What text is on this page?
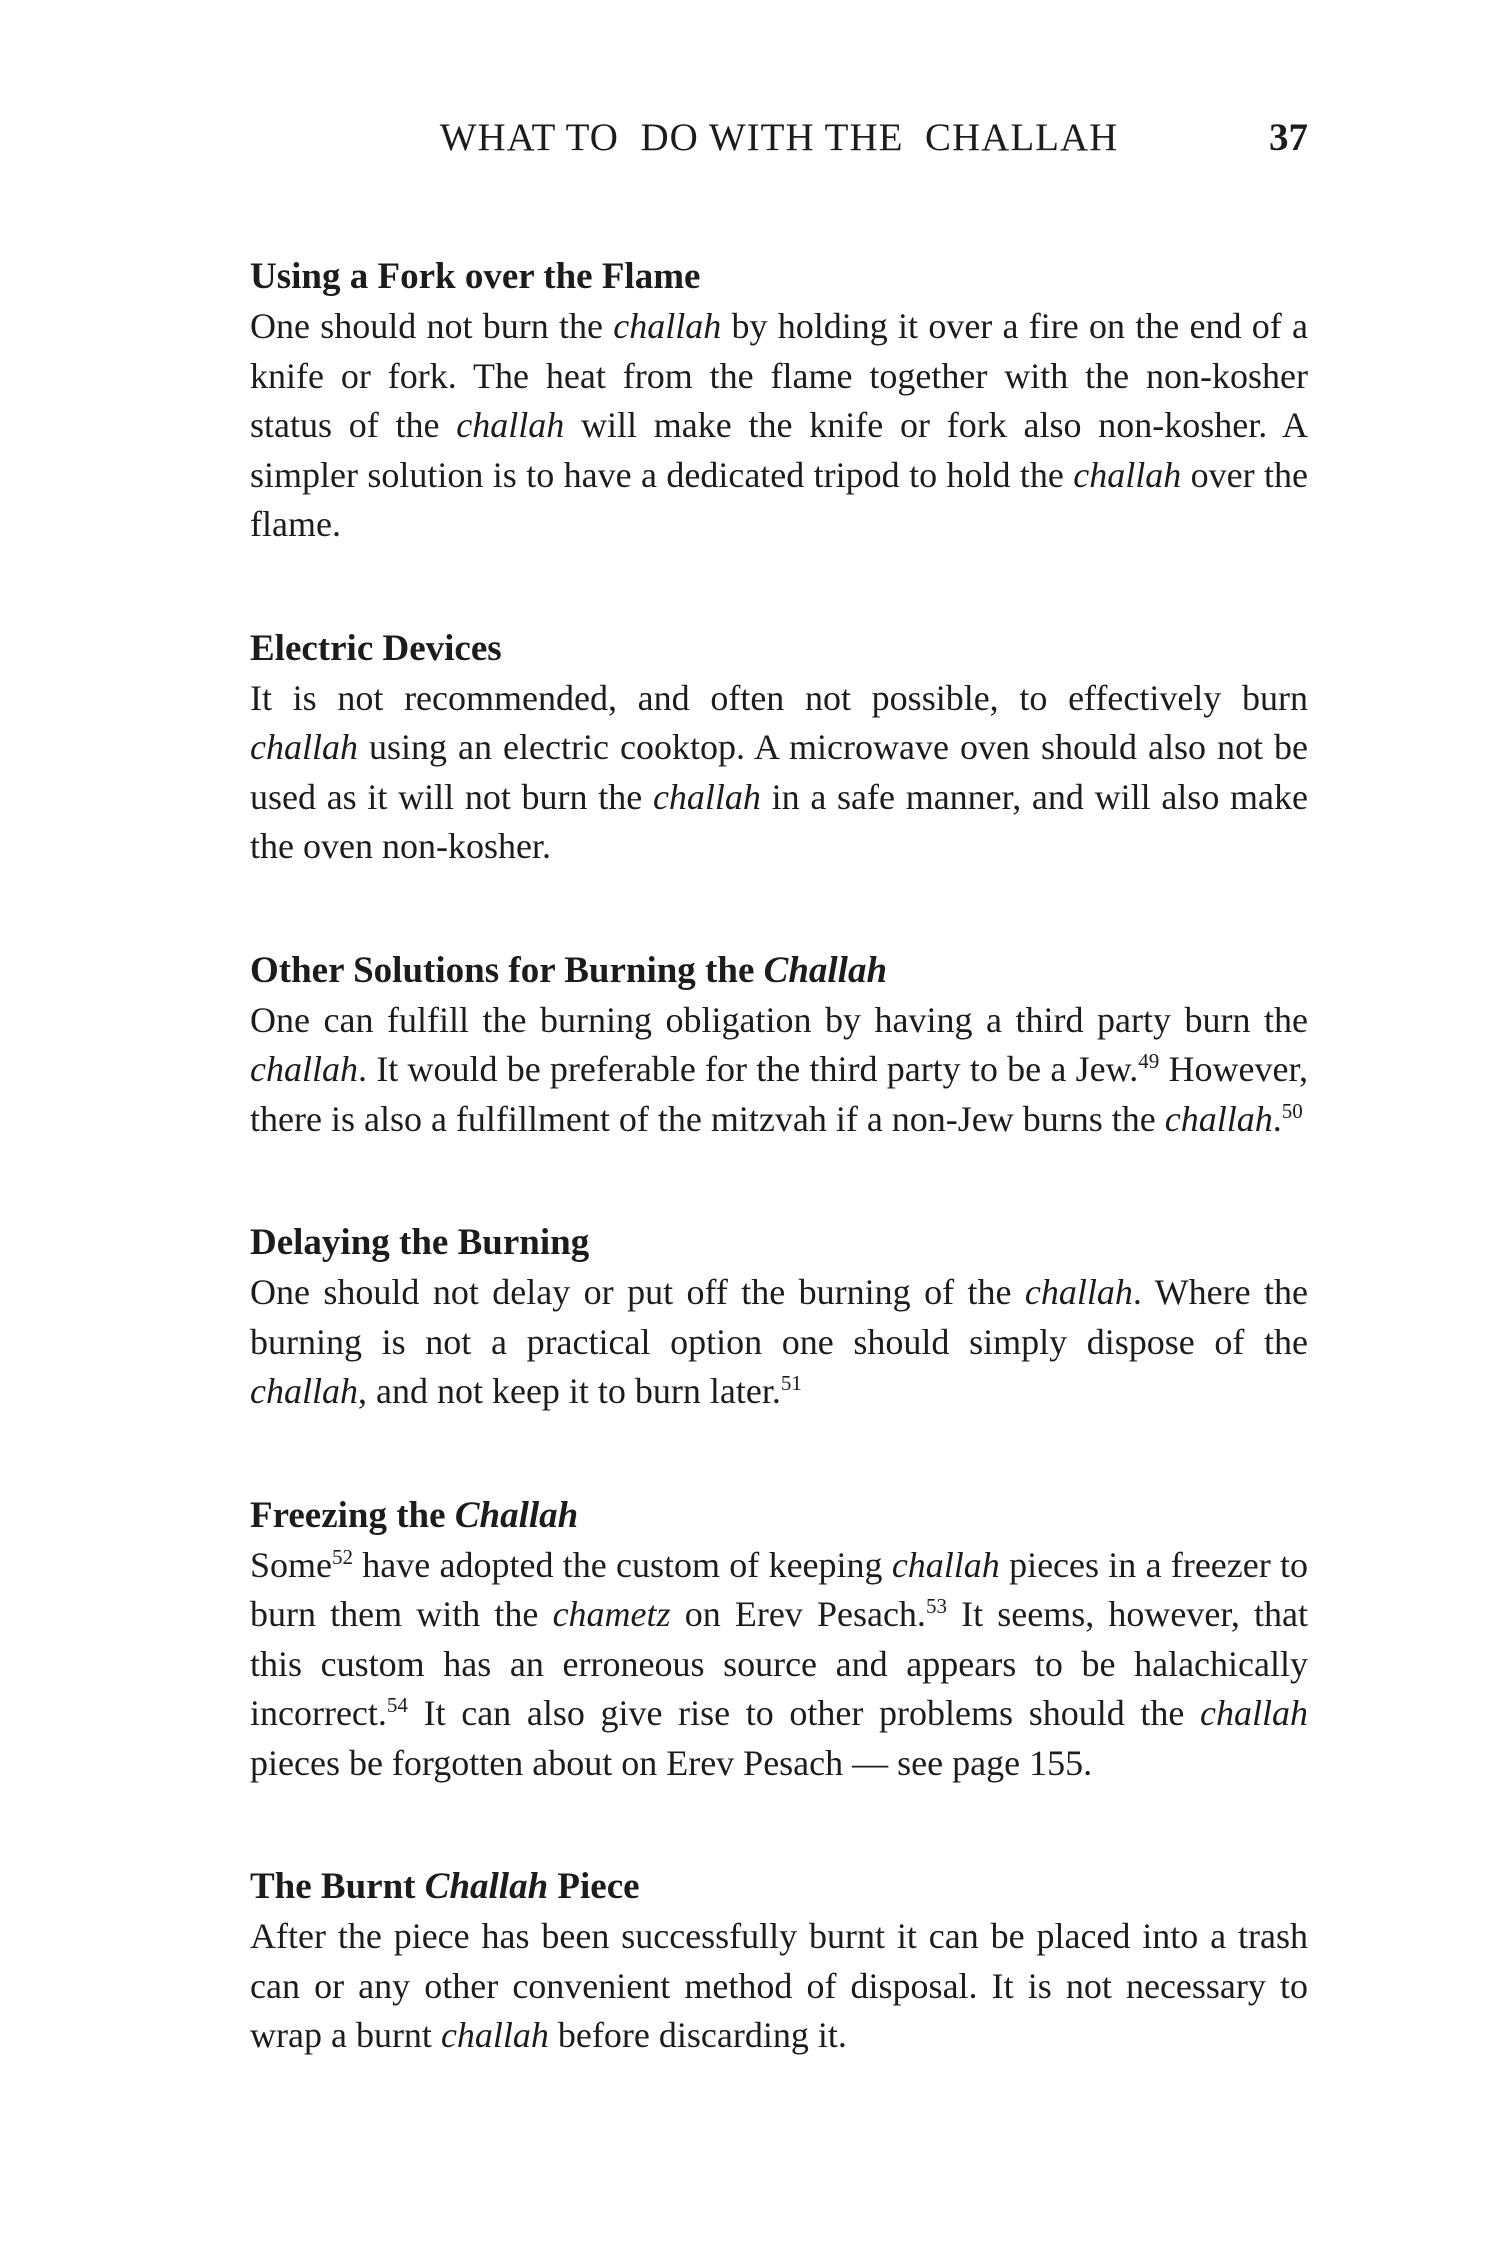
WHAT TO  DO WITH THE  CHALLAH	37
Using a Fork over the Flame

One should not burn the challah by holding it over a fire on the end of a knife or fork. The heat from the flame together with the non-kosher status of the challah will make the knife or fork also non-kosher. A simpler solution is to have a dedicated tripod to hold the challah over the flame.

Electric Devices

It is not recommended, and often not possible, to effectively burn challah using an electric cooktop. A microwave oven should also not be used as it will not burn the challah in a safe manner, and will also make the oven non-kosher.

Other Solutions for Burning the Challah

One can fulfill the burning obligation by having a third party burn the challah. It would be preferable for the third party to be a Jew.$^{49}$ However, there is also a fulfillment of the mitzvah if a non-Jew burns the challah.$^{50}$

Delaying the Burning

One should not delay or put off the burning of the challah. Where the burning is not a practical option one should simply dispose of the challah, and not keep it to burn later.$^{51}$

Freezing the Challah

Some$^{52}$ have adopted the custom of keeping challah pieces in a freezer to burn them with the chametz on Erev Pesach.$^{53}$ It seems, however, that this custom has an erroneous source and appears to be halachically incorrect.$^{54}$ It can also give rise to other problems should the challah pieces be forgotten about on Erev Pesach — see page 155.

The Burnt Challah Piece

After the piece has been successfully burnt it can be placed into a trash can or any other convenient method of disposal. It is not necessary to wrap a burnt challah before discarding it.
